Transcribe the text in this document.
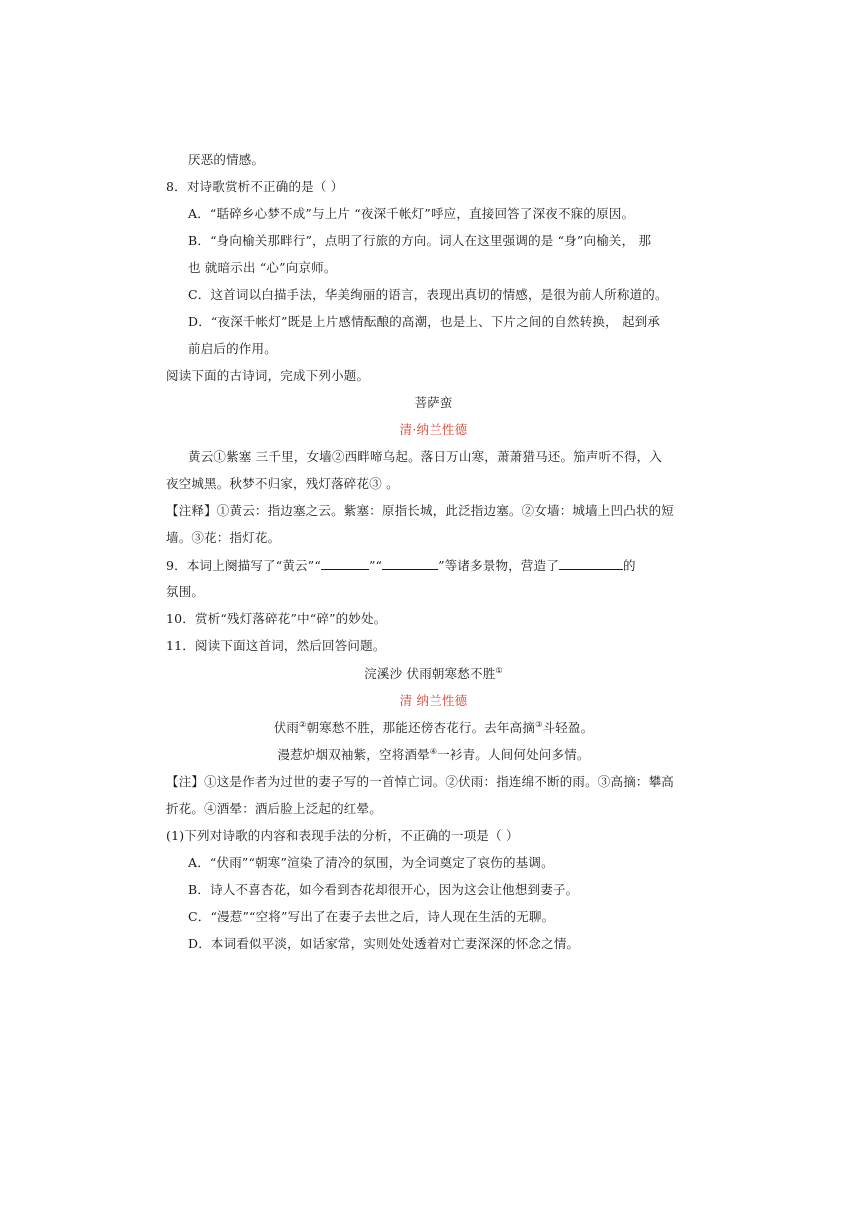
厌恶的情感。
8．对诗歌赏析不正确的是（ ）
A．“聒碎乡心梦不成”与上片 “夜深千帐灯”呼应，直接回答了深夜不寐的原因。
B．“身向榆关那畔行”，点明了行旅的方向。词人在这里强调的是 “身”向榆关， 那
也 就暗示出 “心”向京师。
C．这首词以白描手法，华美绚丽的语言，表现出真切的情感，是很为前人所称道的。
D．“夜深千帐灯”既是上片感情酝酿的高潮，也是上、下片之间的自然转换， 起到承
前启后的作用。
阅读下面的古诗词，完成下列小题。
菩萨蛮
清·纳兰性德
黄云①紫塞 三千里，女墙②西畔啼乌起。落日万山寒，萧萧猎马还。笳声听不得，入
夜空城黑。秋梦不归家，残灯落碎花③ 。
【注释】①黄云：指边塞之云。紫塞：原指长城，此泛指边塞。②女墙：城墙上凹凸状的短
墙。③花：指灯花。
9．本词上阕描写了“黄云”“	”“	”等诸多景物，营造了	的
氛围。
10．赏析“残灯落碎花”中“碎”的妙处。
11．阅读下面这首词，然后回答问题。
浣溪沙 伏雨朝寒愁不胜①
清 纳兰性德
伏雨②朝寒愁不胜，那能还傍杏花行。去年高摘③斗轻盈。
漫惹炉烟双袖紫，空将酒晕④一衫青。人间何处问多情。
【注】①这是作者为过世的妻子写的一首悼亡词。②伏雨：指连绵不断的雨。③高摘：攀高
折花。④酒晕：酒后脸上泛起的红晕。
(1)下列对诗歌的内容和表现手法的分析，不正确的一项是（ ）
A．“伏雨”“朝寒”渲染了清冷的氛围，为全词奠定了哀伤的基调。
B．诗人不喜杏花，如今看到杏花却很开心，因为这会让他想到妻子。
C．“漫惹”“空将”写出了在妻子去世之后，诗人现在生活的无聊。
D．本词看似平淡，如话家常，实则处处透着对亡妻深深的怀念之情。
